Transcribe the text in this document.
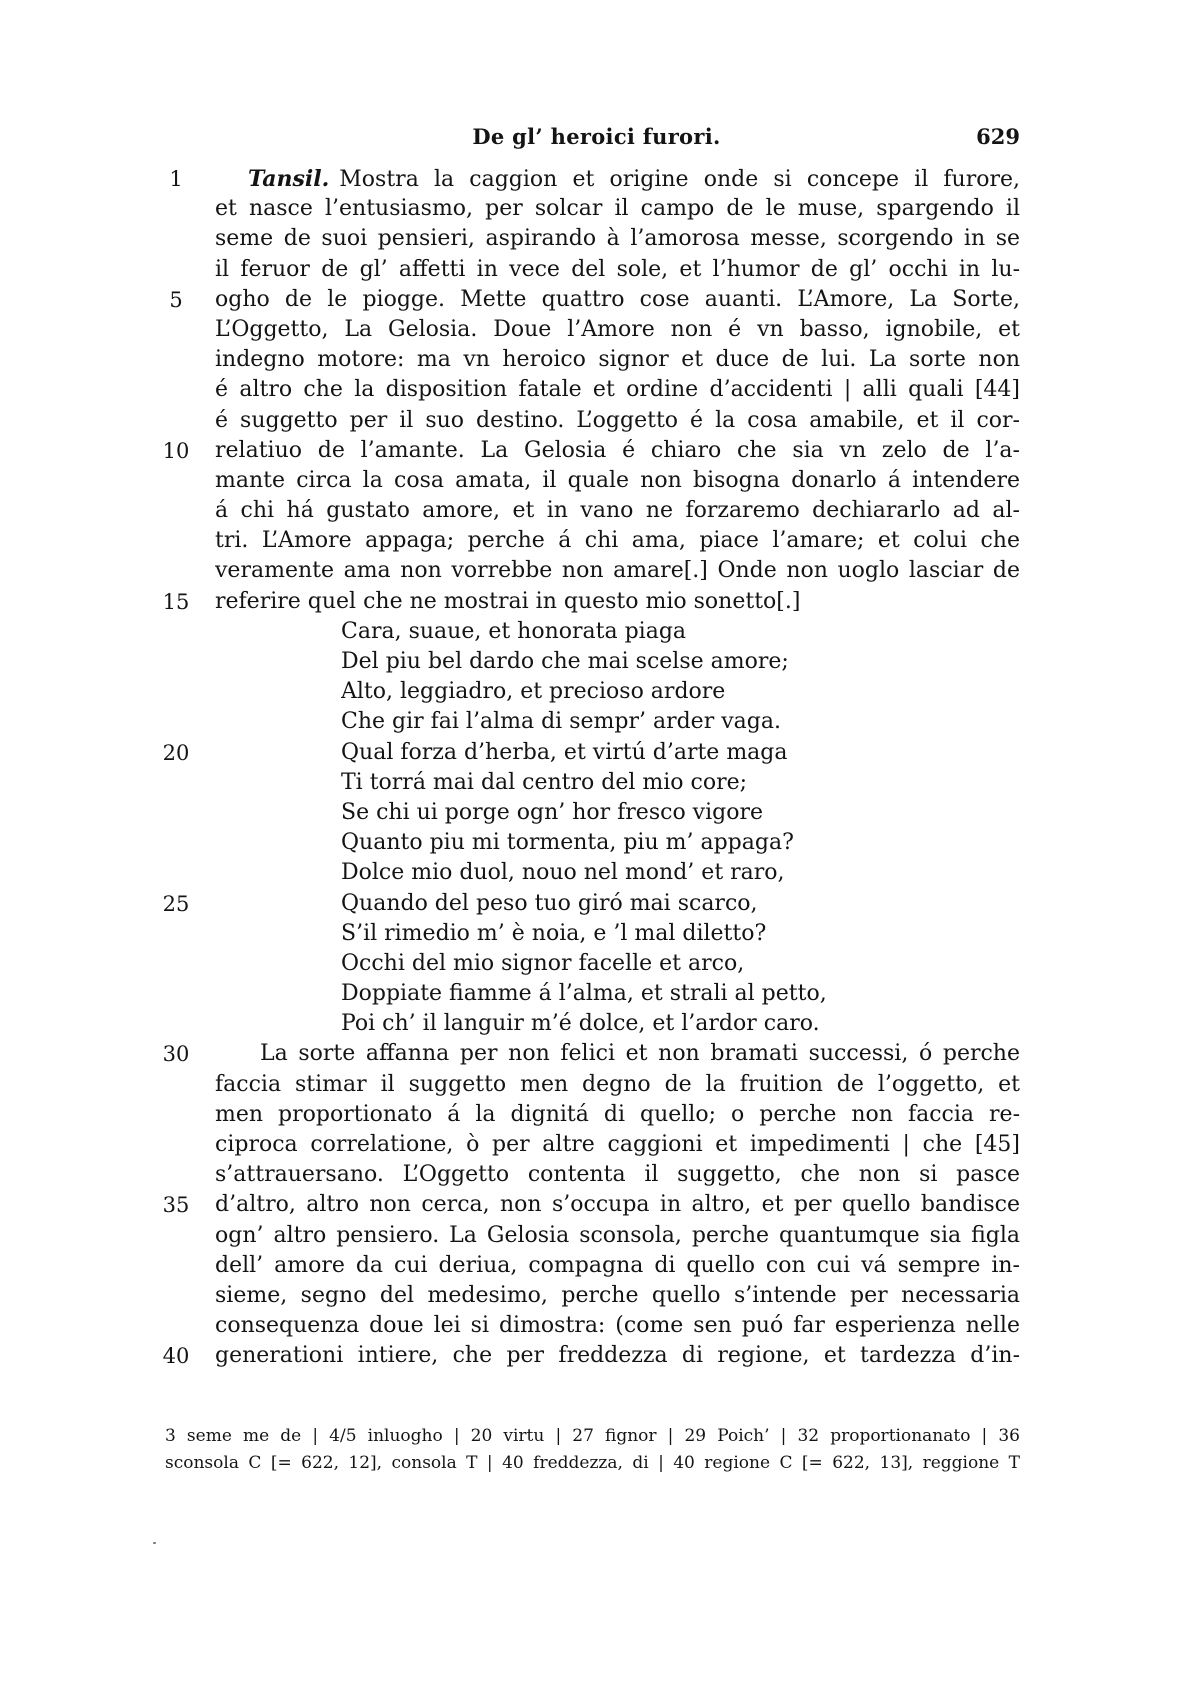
De gl’ heroici furori.	629
1	Tansil. Mostra la caggion et origine onde si concepe il furore,
et nasce l’entusiasmo, per solcar il campo de le muse, spargendo il
seme de suoi pensieri, aspirando à l’amorosa messe, scorgendo in se
il feruor de gl’ affetti in vece del sole, et l’humor de gl’ occhi in lu-
5	ogho de le piogge. Mette quattro cose auanti. L’Amore, La Sorte,
L’Oggetto, La Gelosia. Doue l’Amore non é vn basso, ignobile, et
indegno motore: ma vn heroico signor et duce de lui. La sorte non
é altro che la disposition fatale et ordine d’accidenti | alli quali [44]
é suggetto per il suo destino. L’oggetto é la cosa amabile, et il cor-
10	relatiuo de l’amante. La Gelosia é chiaro che sia vn zelo de l’a-
mante circa la cosa amata, il quale non bisogna donarlo á intendere
á chi há gustato amore, et in vano ne forzaremo dechiararlo ad al-
tri. L’Amore appaga; perche á chi ama, piace l’amare; et colui che
veramente ama non vorrebbe non amare[.] Onde non uoglo lasciar de
15	referire quel che ne mostrai in questo mio sonetto[.]
Cara, suaue, et honorata piaga
Del piu bel dardo che mai scelse amore;
Alto, leggiadro, et precioso ardore
Che gir fai l’alma di sempr’ arder vaga.
20	Qual forza d’herba, et virtú d’arte maga
Ti torrá mai dal centro del mio core;
Se chi ui porge ogn’ hor fresco vigore
Quanto piu mi tormenta, piu m’ appaga?
Dolce mio duol, nouo nel mond’ et raro,
25	Quando del peso tuo giró mai scarco,
S’il rimedio m’ è noia, e ’l mal diletto?
Occhi del mio signor facelle et arco,
Doppiate fiamme á l’alma, et strali al petto,
Poi ch’ il languir m’é dolce, et l’ardor caro.
30	La sorte affanna per non felici et non bramati successi, ó perche
faccia stimar il suggetto men degno de la fruition de l’oggetto, et
men proportionato á la dignitá di quello; o perche non faccia re-
ciproca correlatione, ò per altre caggioni et impedimenti | che [45]
s’attrauersano. L’Oggetto contenta il suggetto, che non si pasce
35	d’altro, altro non cerca, non s’occupa in altro, et per quello bandisce
ogn’ altro pensiero. La Gelosia sconsola, perche quantumque sia figla
dell’ amore da cui deriua, compagna di quello con cui vá sempre in-
sieme, segno del medesimo, perche quello s’intende per necessaria
consequenza doue lei si dimostra: (come sen puó far esperienza nelle
40	generationi intiere, che per freddezza di regione, et tardezza d’in-
3 seme me de | 4/5 inluogho | 20 virtu | 27 fignor | 29 Poich’ | 32 proportionanato | 36
sconsola C [= 622, 12], consola T | 40 freddezza, di | 40 regione C [= 622, 13], reggione T
